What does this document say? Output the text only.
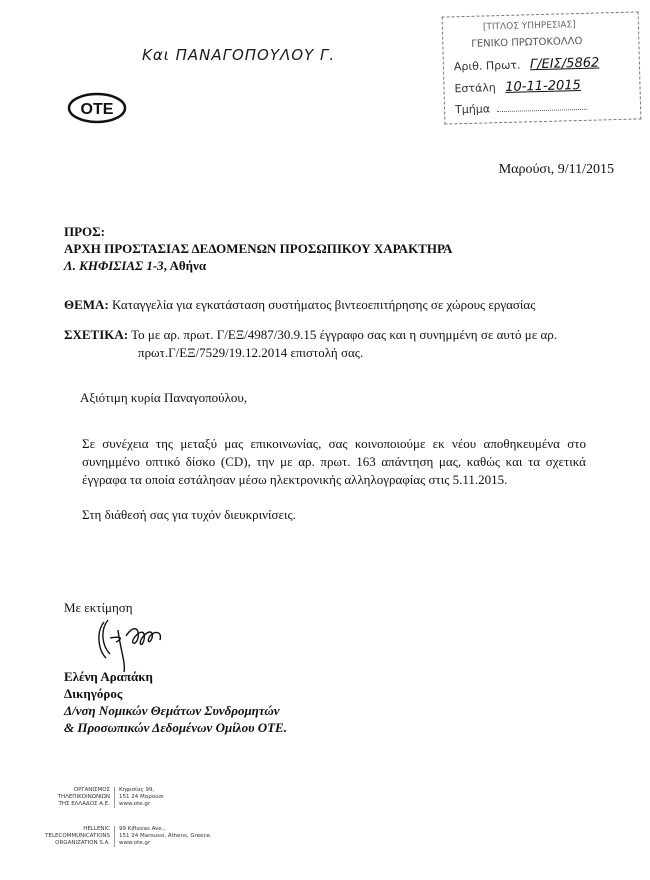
Και ΠΑΝΑΓΟΠΟΥΛΟΥ Γ.
[ΤΙΤΛΟΣ ΥΠΗΡΕΣΙΑΣ]
ΓΕΝΙΚΟ ΠΡΩΤΟΚΟΛΛΟ
Αριθ. Πρωτ. Γ/ΕΙΣ/5862
Εστάλη 10-11-2015
Τμήμα
OTE
Μαρούσι, 9/11/2015
ΠΡΟΣ:
ΑΡΧΗ ΠΡΟΣΤΑΣΙΑΣ ΔΕΔΟΜΕΝΩΝ ΠΡΟΣΩΠΙΚΟΥ ΧΑΡΑΚΤΗΡΑ
Λ. ΚΗΦΙΣΙΑΣ 1-3, Αθήνα
ΘΕΜΑ: Καταγγελία για εγκατάσταση συστήματος βιντεοεπιτήρησης σε χώρους εργασίας
ΣΧΕΤΙΚΑ: Το με αρ. πρωτ. Γ/ΕΞ/4987/30.9.15 έγγραφο σας και η συνημμένη σε αυτό με αρ.
πρωτ.Γ/ΕΞ/7529/19.12.2014 επιστολή σας.
Αξιότιμη κυρία Παναγοπούλου,
Σε συνέχεια της μεταξύ μας επικοινωνίας, σας κοινοποιούμε εκ νέου αποθηκευμένα στο
συνημμένο οπτικό δίσκο (CD), την με αρ. πρωτ. 163 απάντηση μας, καθώς και τα σχετικά
έγγραφα τα οποία εστάλησαν μέσω ηλεκτρονικής αλληλογραφίας στις 5.11.2015.
Στη διάθεσή σας για τυχόν διευκρινίσεις.
Με εκτίμηση
Ελένη Αραπάκη
Δικηγόρος
Δ/νση Νομικών Θεμάτων Συνδρομητών
& Προσωπικών Δεδομένων Ομίλου ΟΤΕ.
ΟΡΓΑΝΙΣΜΟΣ
ΤΗΛΕΠΙΚΟΙΝΩΝΙΩΝ
ΤΗΣ ΕΛΛΑΔΟΣ Α.Ε.
Κηφισίας 99,
151 24 Μαρούσι
www.ote.gr
HELLENIC
TELECOMMUNICATIONS
ORGANIZATION S.A.
99 Kifissias Ave.,
151 24 Maroussi, Athens, Greece.
www.ote.gr
